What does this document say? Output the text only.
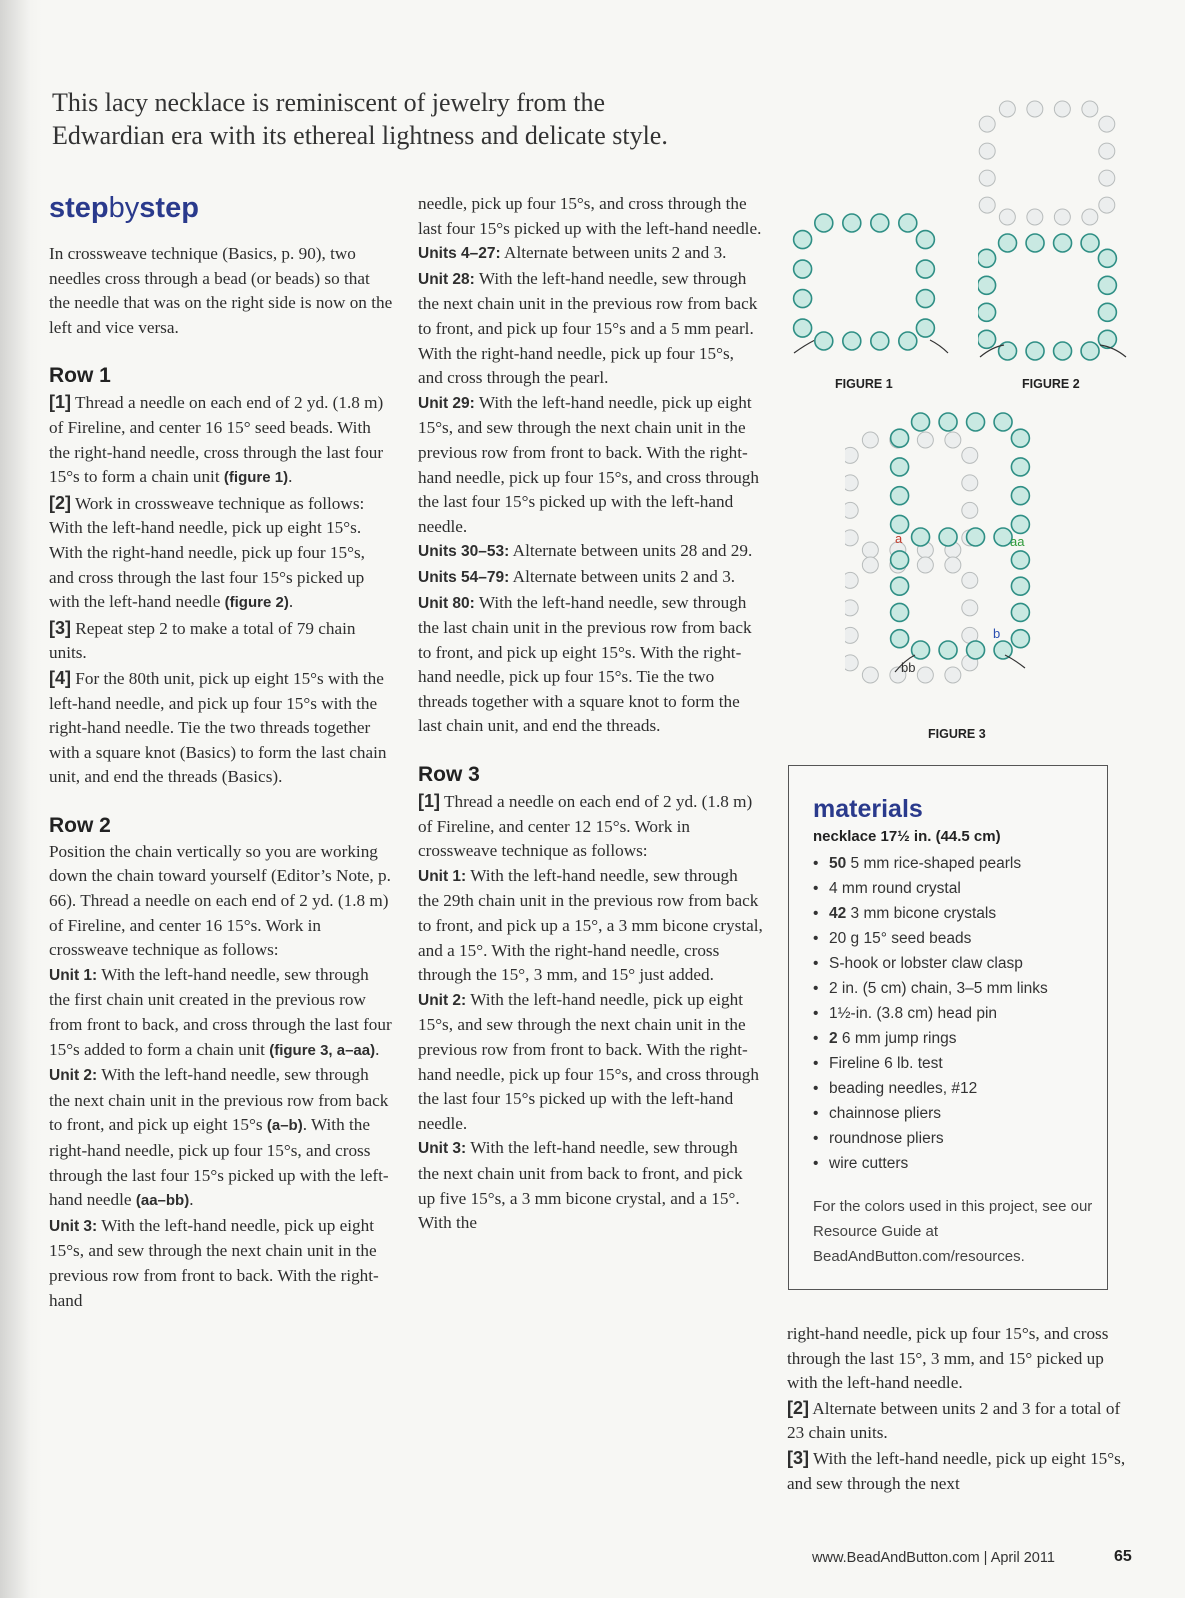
This lacy necklace is reminiscent of jewelry from the
Edwardian era with its ethereal lightness and delicate style.
stepbystep

In crossweave technique (Basics, p. 90), two needles cross through a bead (or beads) so that the needle that was on the right side is now on the left and vice versa.

Row 1

[1] Thread a needle on each end of 2 yd. (1.8 m) of Fireline, and center 16 15° seed beads. With the right-hand needle, cross through the last four 15°s to form a chain unit (figure 1).

[2] Work in crossweave technique as follows: With the left-hand needle, pick up eight 15°s. With the right-hand needle, pick up four 15°s, and cross through the last four 15°s picked up with the left-hand needle (figure 2).

[3] Repeat step 2 to make a total of 79 chain units.

[4] For the 80th unit, pick up eight 15°s with the left-hand needle, and pick up four 15°s with the right-hand needle. Tie the two threads together with a square knot (Basics) to form the last chain unit, and end the threads (Basics).

Row 2

Position the chain vertically so you are working down the chain toward yourself (Editor’s Note, p. 66). Thread a needle on each end of 2 yd. (1.8 m) of Fireline, and center 16 15°s. Work in crossweave technique as follows:

Unit 1: With the left-hand needle, sew through the first chain unit created in the previous row from front to back, and cross through the last four 15°s added to form a chain unit (figure 3, a–aa).

Unit 2: With the left-hand needle, sew through the next chain unit in the previous row from back to front, and pick up eight 15°s (a–b). With the right-hand needle, pick up four 15°s, and cross through the last four 15°s picked up with the left-hand needle (aa–bb).

Unit 3: With the left-hand needle, pick up eight 15°s, and sew through the next chain unit in the previous row from front to back. With the right-hand

needle, pick up four 15°s, and cross through the last four 15°s picked up with the left-hand needle.

Units 4–27: Alternate between units 2 and 3.

Unit 28: With the left-hand needle, sew through the next chain unit in the previous row from back to front, and pick up four 15°s and a 5 mm pearl. With the right-hand needle, pick up four 15°s, and cross through the pearl.

Unit 29: With the left-hand needle, pick up eight 15°s, and sew through the next chain unit in the previous row from front to back. With the right-hand needle, pick up four 15°s, and cross through the last four 15°s picked up with the left-hand needle.

Units 30–53: Alternate between units 28 and 29.

Units 54–79: Alternate between units 2 and 3.

Unit 80: With the left-hand needle, sew through the last chain unit in the previous row from back to front, and pick up eight 15°s. With the right-hand needle, pick up four 15°s. Tie the two threads together with a square knot to form the last chain unit, and end the threads.

Row 3

[1] Thread a needle on each end of 2 yd. (1.8 m) of Fireline, and center 12 15°s. Work in crossweave technique as follows:

Unit 1: With the left-hand needle, sew through the 29th chain unit in the previous row from back to front, and pick up a 15°, a 3 mm bicone crystal, and a 15°. With the right-hand needle, cross through the 15°, 3 mm, and 15° just added.

Unit 2: With the left-hand needle, pick up eight 15°s, and sew through the next chain unit in the previous row from front to back. With the right-hand needle, pick up four 15°s, and cross through the last four 15°s picked up with the left-hand needle.

Unit 3: With the left-hand needle, sew through the next chain unit from back to front, and pick up five 15°s, a 3 mm bicone crystal, and a 15°. With the

right-hand needle, pick up four 15°s, and cross through the last 15°, 3 mm, and 15° picked up with the left-hand needle.

[2] Alternate between units 2 and 3 for a total of 23 chain units.

[3] With the left-hand needle, pick up eight 15°s, and sew through the next

a	aa
b
bb
FIGURE 1	FIGURE 2
FIGURE 3
materials
necklace 17½ in. (44.5 cm)
• 50 5 mm rice-shaped pearls
• 4 mm round crystal
• 42 3 mm bicone crystals
• 20 g 15° seed beads
• S-hook or lobster claw clasp
• 2 in. (5 cm) chain, 3–5 mm links
• 1½-in. (3.8 cm) head pin
• 2 6 mm jump rings
• Fireline 6 lb. test
• beading needles, #12
• chainnose pliers
• roundnose pliers
• wire cutters
For the colors used in this project, see our Resource Guide at BeadAndButton.com/resources.
www.BeadAndButton.com | April 2011	65
